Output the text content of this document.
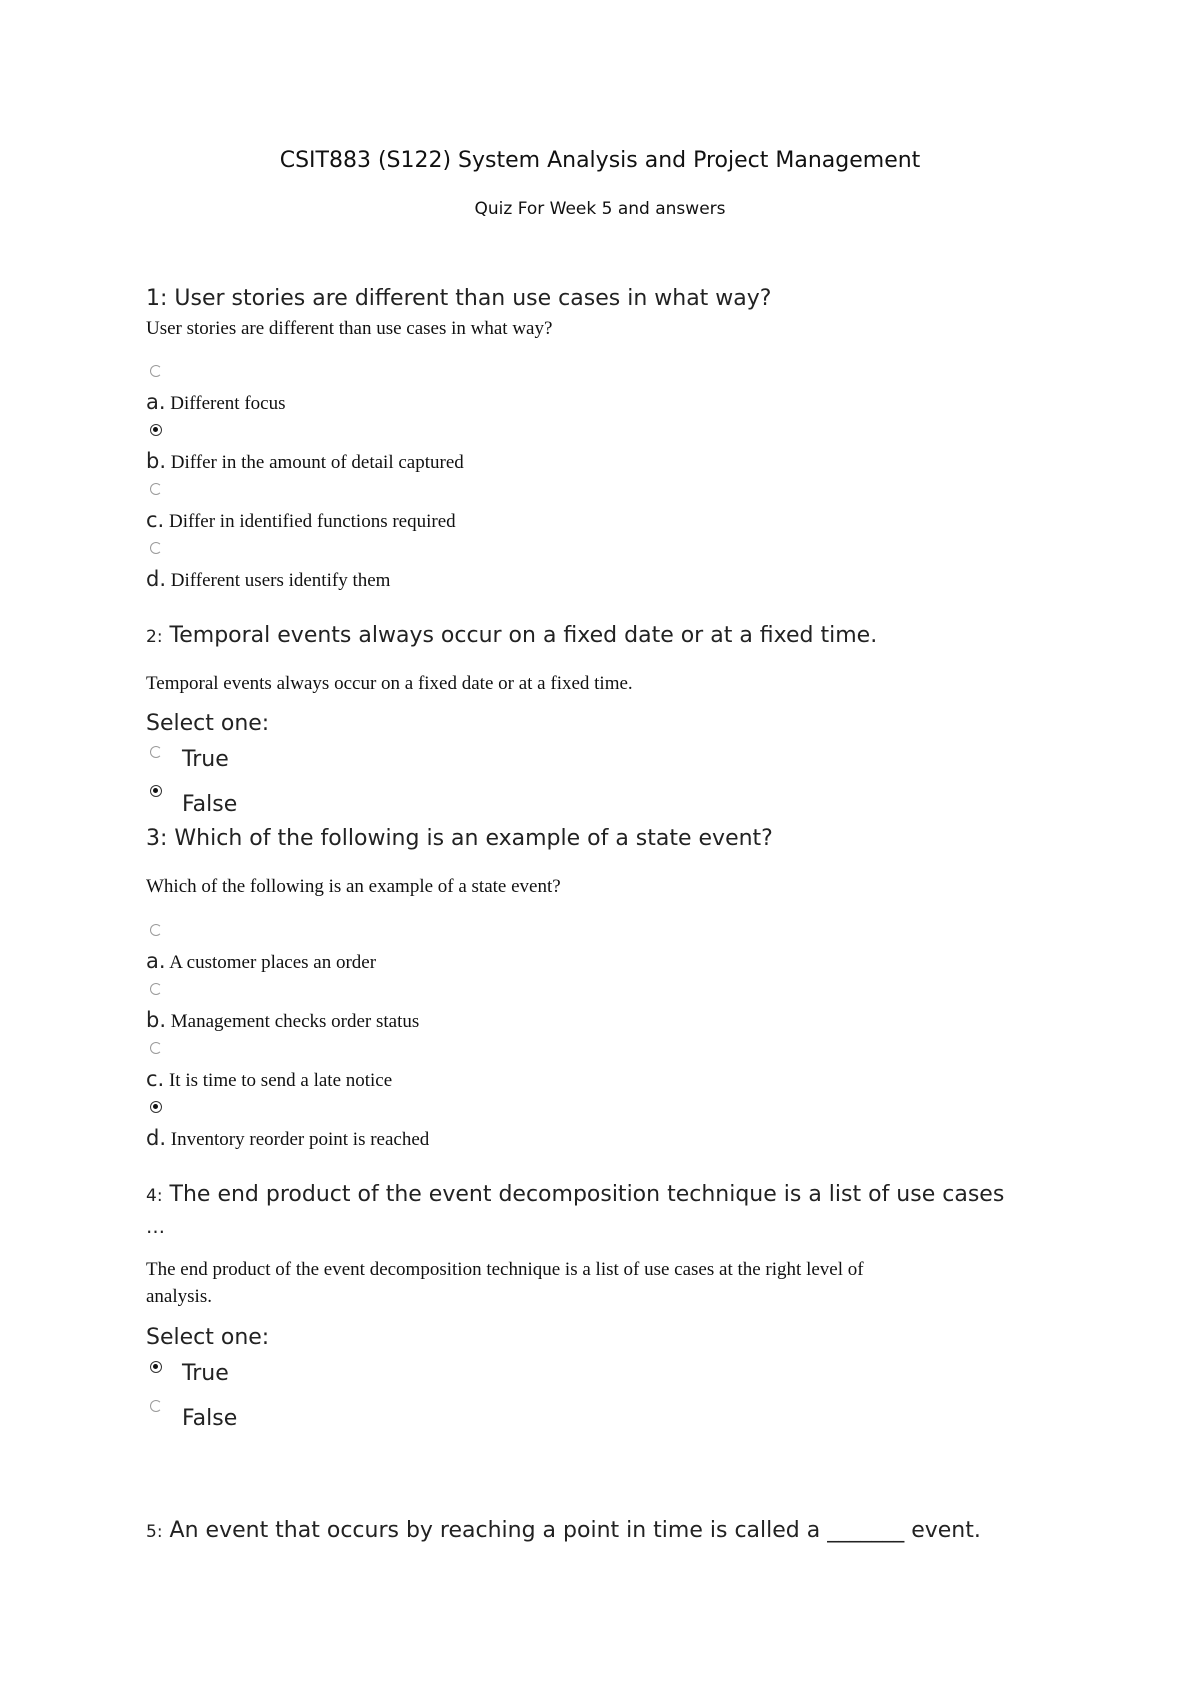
CSIT883 (S122) System Analysis and Project Management
Quiz For Week 5 and answers
1: User stories are different than use cases in what way?
User stories are different than use cases in what way?
a. Different focus
b. Differ in the amount of detail captured
c. Differ in identified functions required
d. Different users identify them
2: Temporal events always occur on a fixed date or at a fixed time.
Temporal events always occur on a fixed date or at a fixed time.
Select one:
True
False
3: Which of the following is an example of a state event?
Which of the following is an example of a state event?
a. A customer places an order
b. Management checks order status
c. It is time to send a late notice
d. Inventory reorder point is reached
4: The end product of the event decomposition technique is a list of use cases
…
The end product of the event decomposition technique is a list of use cases at the right level of
analysis.
Select one:
True
False
5: An event that occurs by reaching a point in time is called a _______ event.
